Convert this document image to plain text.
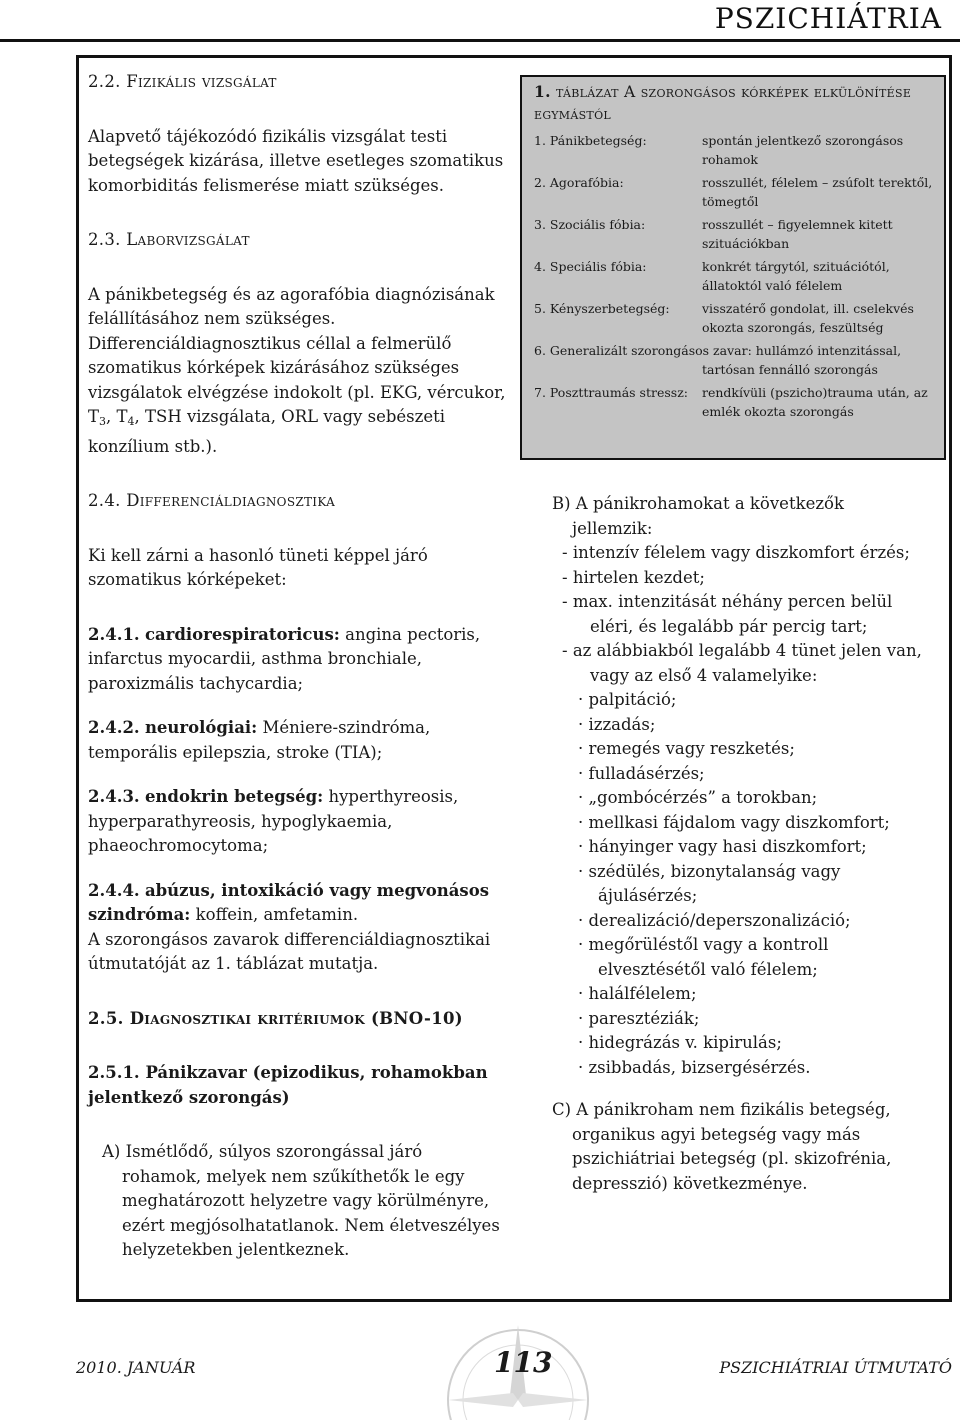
PSZICHIÁTRIA

2.2. Fizikális vizsgálat

Alapvető tájékozódó fizikális vizsgálat testi betegségek kizárása, illetve esetleges szomatikus komorbiditás felismerése miatt szükséges.

2.3. Laborvizsgálat

A pánikbetegség és az agorafóbia diagnózisának felállításához nem szükséges. Differenciáldiagnosztikus céllal a felmerülő szomatikus kórképek kizárásához szükséges vizsgálatok elvégzése indokolt (pl. EKG, vércukor, $T_3$, $T_4$, TSH vizsgálata, ORL vagy sebészeti konzílium stb.).

2.4. Differenciáldiagnosztika

Ki kell zárni a hasonló tüneti képpel járó szomatikus kórképeket:

2.4.1. cardiorespiratoricus: angina pectoris, infarctus myocardii, asthma bronchiale, paroxizmális tachycardia;

2.4.2. neurológiai: Méniere-szindróma, temporális epilepszia, stroke (TIA);

2.4.3. endokrin betegség: hyperthyreosis, hyperparathyreosis, hypoglykaemia, phaeochromocytoma;

2.4.4. abúzus, intoxikáció vagy megvonásos szindróma: koffein, amfetamin.

A szorongásos zavarok differenciáldiagnosztikai útmutatóját az 1. táblázat mutatja.

2.5. Diagnosztikai kritériumok (BNO-10)

2.5.1. Pánikzavar (epizodikus, rohamokban jelentkező szorongás)

A) Ismétlődő, súlyos szorongással járó
rohamok, melyek nem szűkíthetők le egy meghatározott helyzetre vagy körülményre, ezért megjósolhatatlanok. Nem életveszélyes helyzetekben jelentkeznek.

1. táblázat A szorongásos kórképek elkülönítése egymástól
1. Pánikbetegség:	spontán jelentkező szorongásos rohamok
2. Agorafóbia:	rosszullét, félelem – zsúfolt terektől, tömegtől
3. Szociális fóbia:	rosszullét – figyelemnek kitett szituációkban
4. Speciális fóbia:	konkrét tárgytól, szituációtól, állatoktól való félelem
5. Kényszerbetegség:	visszatérő gondolat, ill. cselekvés okozta szorongás, feszültség
6. Generalizált szorongásos zavar: hullámzó intenzitással,
tartósan fennálló szorongás
7. Poszttraumás stressz:	rendkívüli (pszicho)trauma után, az emlék okozta szorongás

B) A pánikrohamokat a következők
jellemzik:

- intenzív félelem vagy diszkomfort érzés;

- hirtelen kezdet;

- max. intenzitását néhány percen belül
eléri, és legalább pár percig tart;

- az alábbiakból legalább 4 tünet jelen van,
vagy az első 4 valamelyike:

· palpitáció;

· izzadás;

· remegés vagy reszketés;

· fulladásérzés;

· „gombócérzés” a torokban;

· mellkasi fájdalom vagy diszkomfort;

· hányinger vagy hasi diszkomfort;

· szédülés, bizonytalanság vagy
ájulásérzés;

· derealizáció/deperszonalizáció;

· megőrüléstől vagy a kontroll
elvesztésétől való félelem;

· halálfélelem;

· paresztéziák;

· hidegrázás v. kipirulás;

· zsibbadás, bizsergésérzés.

C) A pánikroham nem fizikális betegség,
organikus agyi betegség vagy más pszichiátriai betegség (pl. skizofrénia, depresszió) következménye.

2010. JANUÁR	113	PSZICHIÁTRIAI ÚTMUTATÓ
